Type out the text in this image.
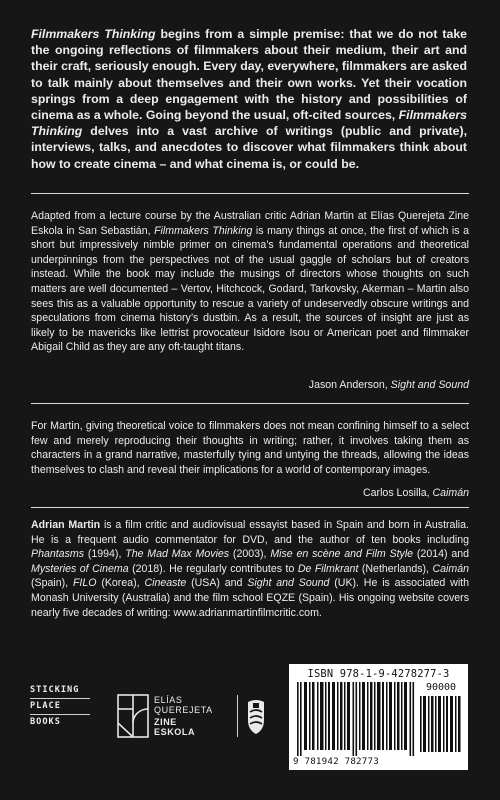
Filmmakers Thinking begins from a simple premise: that we do not take the ongoing reflections of filmmakers about their medium, their art and their craft, seriously enough. Every day, everywhere, filmmakers are asked to talk mainly about themselves and their own works. Yet their vocation springs from a deep engagement with the history and possibilities of cinema as a whole. Going beyond the usual, oft-cited sources, Filmmakers Thinking delves into a vast archive of writings (public and private), interviews, talks, and anecdotes to discover what filmmakers think about how to create cinema – and what cinema is, or could be.

Adapted from a lecture course by the Australian critic Adrian Martin at Elías Querejeta Zine Eskola in San Sebastián, Filmmakers Thinking is many things at once, the first of which is a short but impressively nimble primer on cinema’s fundamental operations and theoretical underpinnings from the perspectives not of the usual gaggle of scholars but of creators instead. While the book may include the musings of directors whose thoughts on such matters are well documented – Vertov, Hitchcock, Godard, Tarkovsky, Akerman – Martin also sees this as a valuable opportunity to rescue a variety of undeservedly obscure writings and speculations from cinema history’s dustbin. As a result, the sources of insight are just as likely to be mavericks like lettrist provocateur Isidore Isou or American poet and filmmaker Abigail Child as they are any oft-taught titans.

Jason Anderson, Sight and Sound

For Martin, giving theoretical voice to filmmakers does not mean confining himself to a select few and merely reproducing their thoughts in writing; rather, it involves taking them as characters in a grand narrative, masterfully tying and untying the threads, allowing the ideas themselves to clash and reveal their implications for a world of contemporary images.

Carlos Losilla, Caimán

Adrian Martin is a film critic and audiovisual essayist based in Spain and born in Australia. He is a frequent audio commentator for DVD, and the author of ten books including Phantasms (1994), The Mad Max Movies (2003), Mise en scène and Film Style (2014) and Mysteries of Cinema (2018). He regularly contributes to De Filmkrant (Netherlands), Caimán (Spain), FILO (Korea), Cineaste (USA) and Sight and Sound (UK). He is associated with Monash University (Australia) and the film school EQZE (Spain). His ongoing website covers nearly five decades of writing: www.adrianmartinfilmcritic.com.

STICKING
PLACE
BOOKS
ELÍAS
QUEREJETA
ZINE
ESKOLA
ISBN 978-1-9-4278277-3
90000
9 781942 782773
